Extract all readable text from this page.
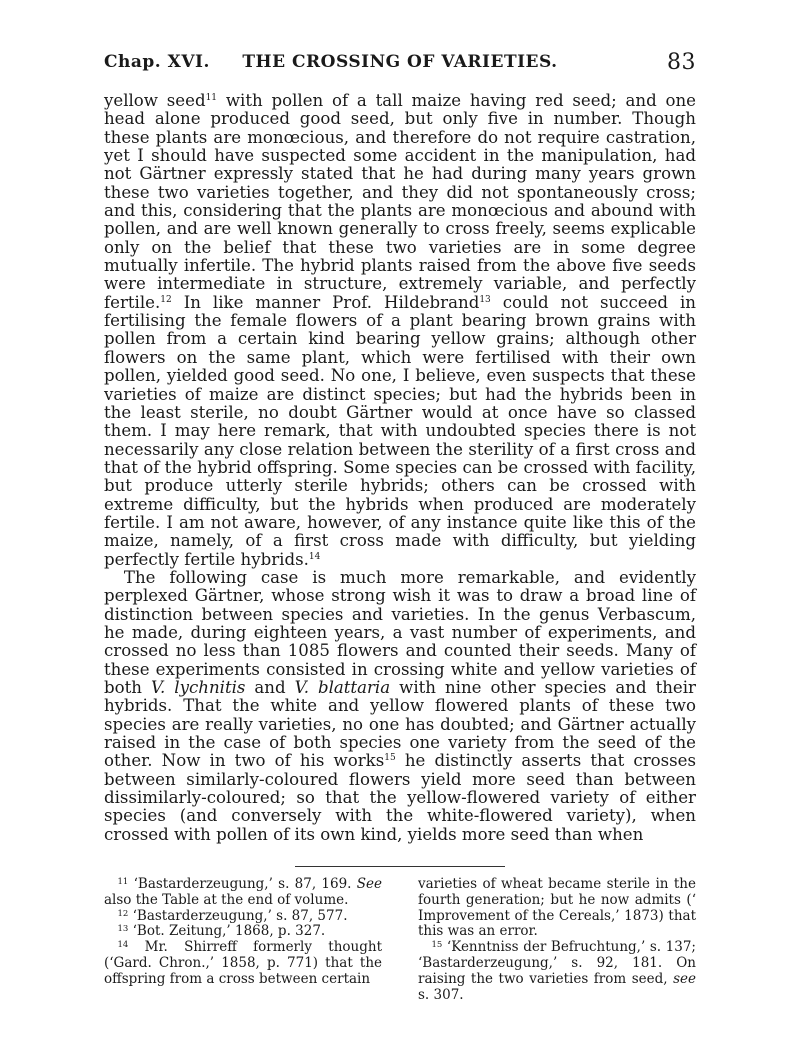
Chap. XVI.	THE CROSSING OF VARIETIES.	83

yellow seed$^{11}$ with pollen of a tall maize having red seed; and one head alone produced good seed, but only five in number. Though these plants are monœcious, and therefore do not require castration, yet I should have suspected some accident in the manipulation, had not Gärtner expressly stated that he had during many years grown these two varieties together, and they did not spontaneously cross; and this, considering that the plants are monœcious and abound with pollen, and are well known generally to cross freely, seems explicable only on the belief that these two varieties are in some degree mutually infertile. The hybrid plants raised from the above five seeds were intermediate in structure, extremely variable, and perfectly fertile.$^{12}$ In like manner Prof. Hildebrand$^{13}$ could not succeed in fertilising the female flowers of a plant bearing brown grains with pollen from a certain kind bearing yellow grains; although other flowers on the same plant, which were fertilised with their own pollen, yielded good seed. No one, I believe, even suspects that these varieties of maize are distinct species; but had the hybrids been in the least sterile, no doubt Gärtner would at once have so classed them. I may here remark, that with undoubted species there is not necessarily any close relation between the sterility of a first cross and that of the hybrid offspring. Some species can be crossed with facility, but produce utterly sterile hybrids; others can be crossed with extreme difficulty, but the hybrids when produced are moderately fertile. I am not aware, however, of any instance quite like this of the maize, namely, of a first cross made with difficulty, but yielding perfectly fertile hybrids.$^{14}$

The following case is much more remarkable, and evidently perplexed Gärtner, whose strong wish it was to draw a broad line of distinction between species and varieties. In the genus Verbascum, he made, during eighteen years, a vast number of experiments, and crossed no less than 1085 flowers and counted their seeds. Many of these experiments consisted in crossing white and yellow varieties of both V. lychnitis and V. blattaria with nine other species and their hybrids. That the white and yellow flowered plants of these two species are really varieties, no one has doubted; and Gärtner actually raised in the case of both species one variety from the seed of the other. Now in two of his works$^{15}$ he distinctly asserts that crosses between similarly-coloured flowers yield more seed than between dissimilarly-coloured; so that the yellow-flowered variety of either species (and conversely with the white-flowered variety), when crossed with pollen of its own kind, yields more seed than when

$^{11}$ ‘Bastarderzeugung,’ s. 87, 169. See also the Table at the end of volume.

$^{12}$ ‘Bastarderzeugung,’ s. 87, 577.

$^{13}$ ‘Bot. Zeitung,’ 1868, p. 327.

$^{14}$ Mr. Shirreff formerly thought (‘Gard. Chron.,’ 1858, p. 771) that the offspring from a cross between certain

varieties of wheat became sterile in the fourth generation; but he now admits (‘ Improvement of the Cereals,’ 1873) that this was an error.

$^{15}$ ‘Kenntniss der Befruchtung,’ s. 137; ‘Bastarderzeugung,’ s. 92, 181. On raising the two varieties from seed, see s. 307.
